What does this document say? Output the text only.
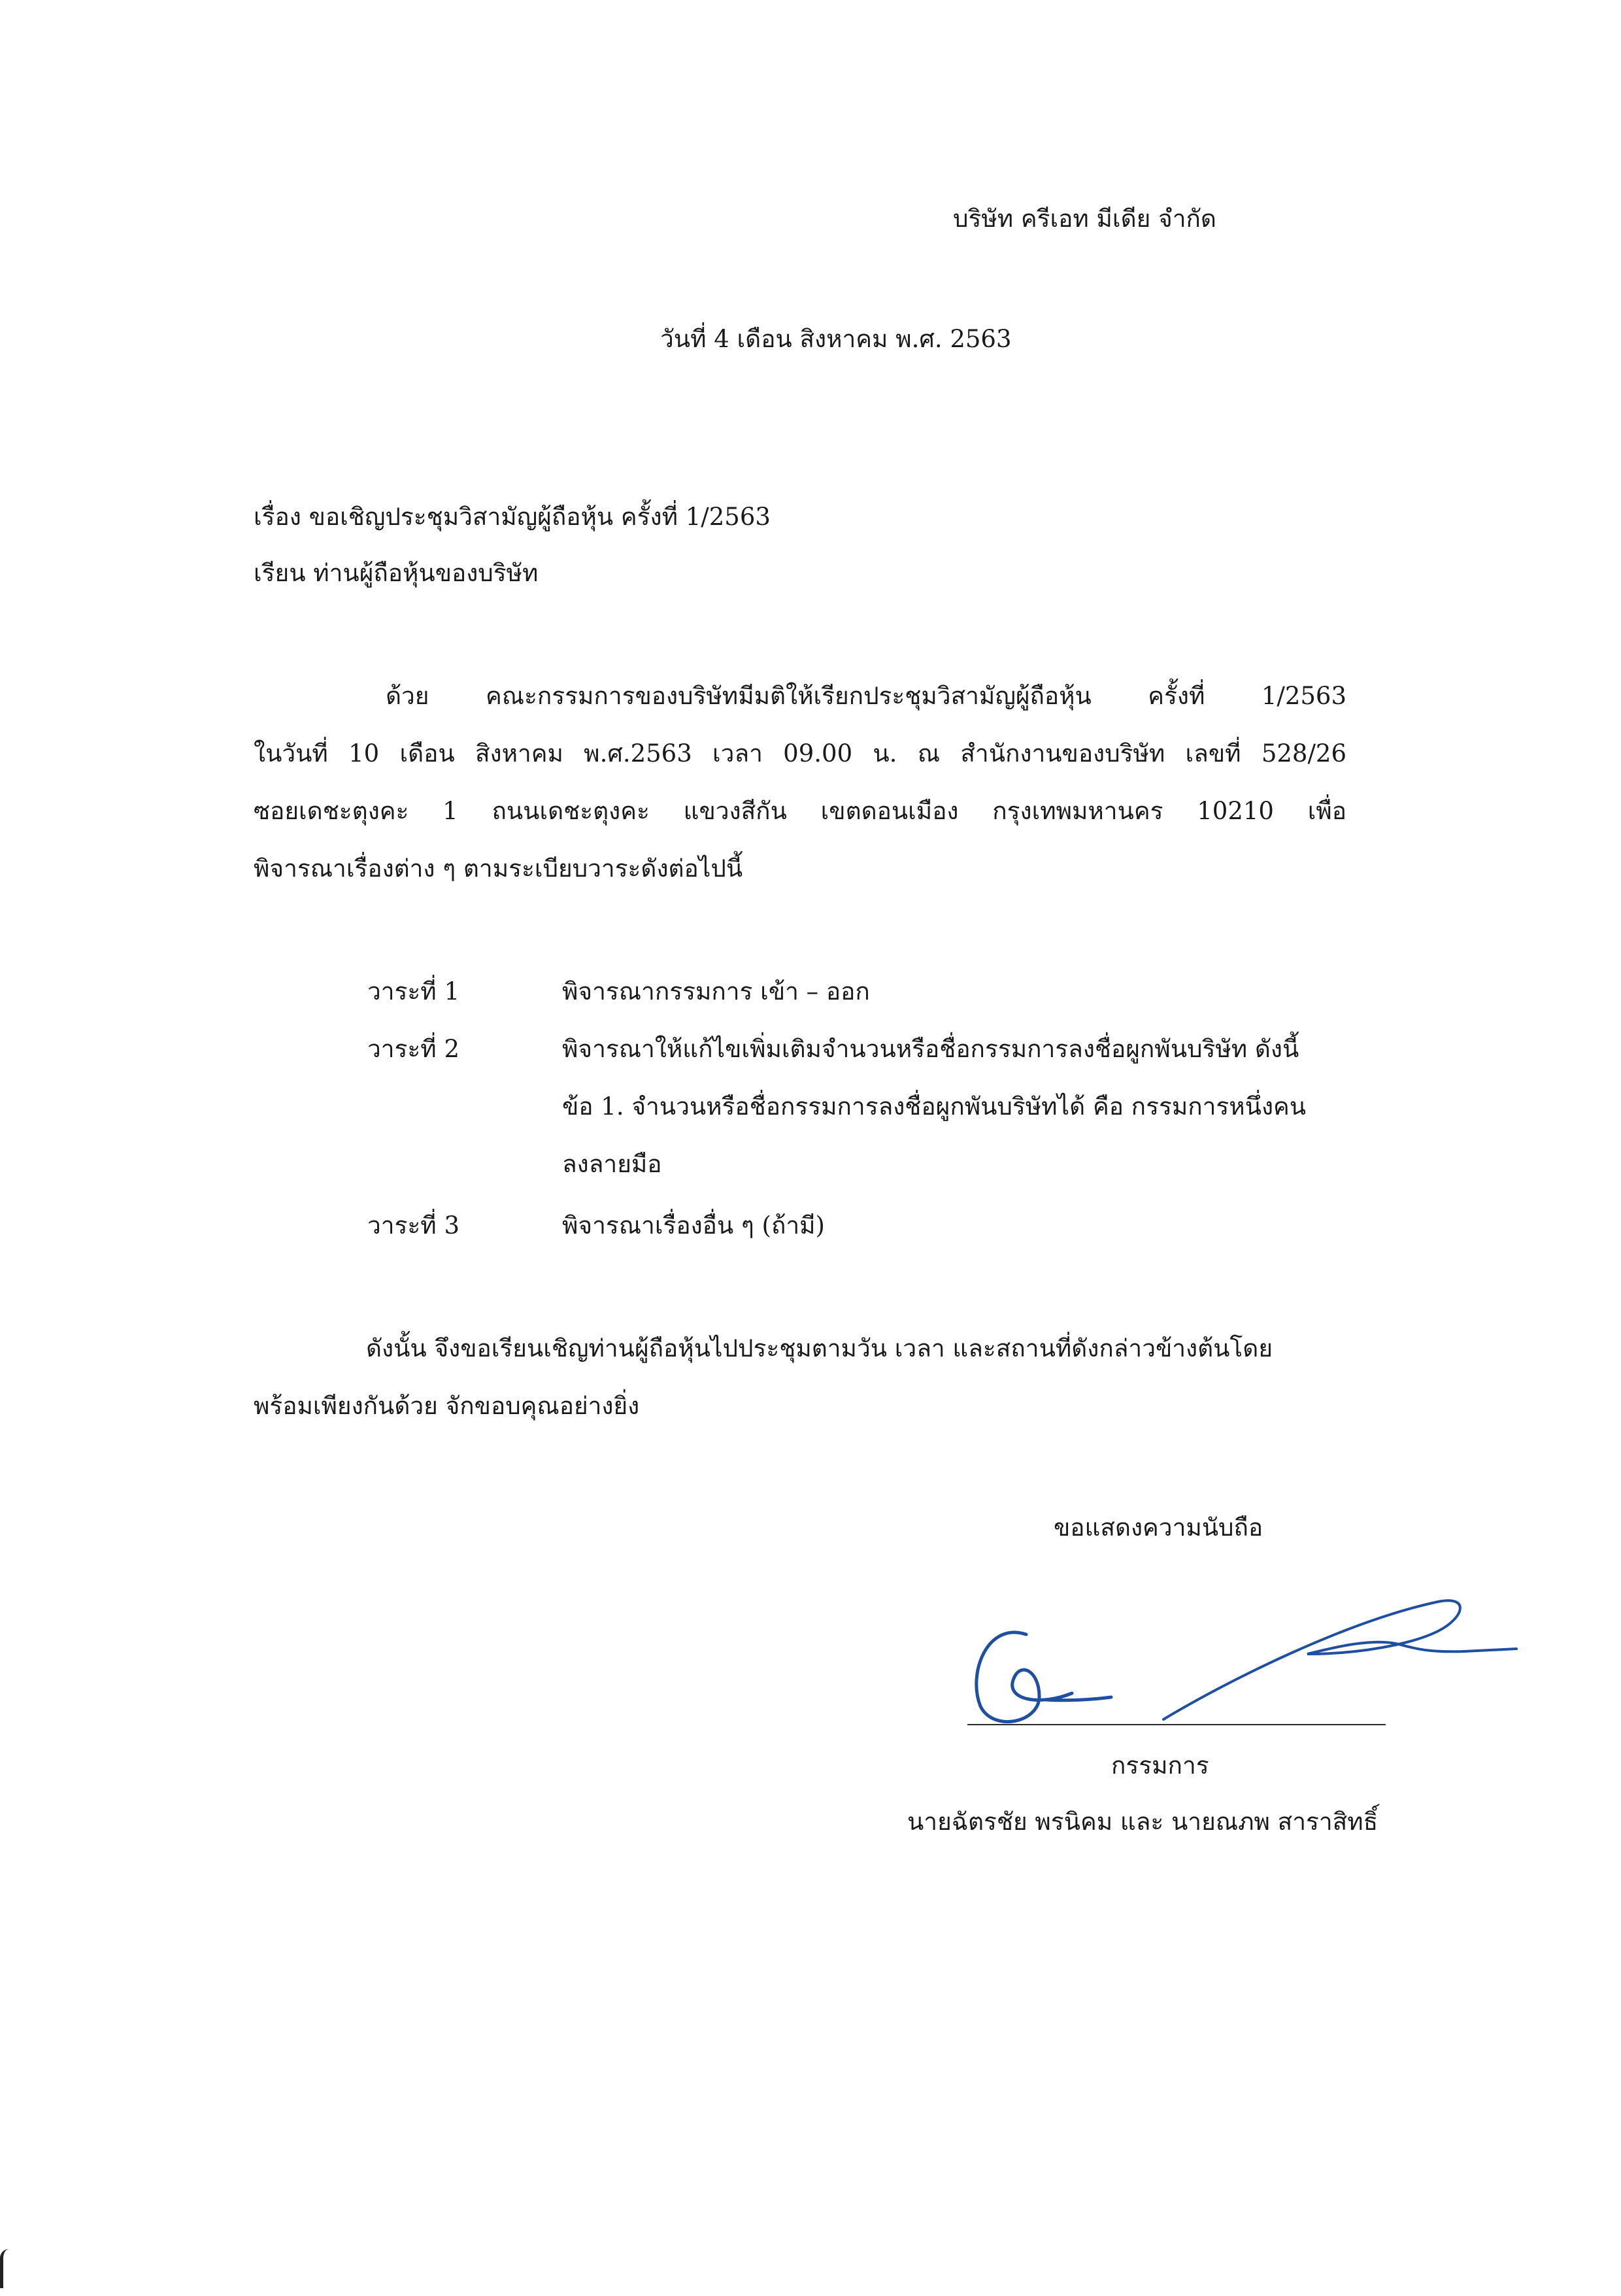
บริษัท ครีเอท มีเดีย จำกัด

วันที่ 4 เดือน สิงหาคม พ.ศ. 2563

เรื่อง ขอเชิญประชุมวิสามัญผู้ถือหุ้น ครั้งที่ 1/2563

เรียน ท่านผู้ถือหุ้นของบริษัท

ด้วย คณะกรรมการของบริษัทมีมติให้เรียกประชุมวิสามัญผู้ถือหุ้น ครั้งที่ 1/2563

ในวันที่ 10 เดือน สิงหาคม พ.ศ.2563 เวลา 09.00 น. ณ สำนักงานของบริษัท เลขที่ 528/26

ซอยเดชะตุงคะ 1 ถนนเดชะตุงคะ แขวงสีกัน เขตดอนเมือง กรุงเทพมหานคร 10210 เพื่อ

พิจารณาเรื่องต่าง ๆ ตามระเบียบวาระดังต่อไปนี้

วาระที่ 1	พิจารณากรรมการ เข้า – ออก

วาระที่ 2	พิจารณาให้แก้ไขเพิ่มเติมจำนวนหรือชื่อกรรมการลงชื่อผูกพันบริษัท ดังนี้

ข้อ 1. จำนวนหรือชื่อกรรมการลงชื่อผูกพันบริษัทได้ คือ กรรมการหนึ่งคน

ลงลายมือ

วาระที่ 3	พิจารณาเรื่องอื่น ๆ (ถ้ามี)

ดังนั้น จึงขอเรียนเชิญท่านผู้ถือหุ้นไปประชุมตามวัน เวลา และสถานที่ดังกล่าวข้างต้นโดย

พร้อมเพียงกันด้วย จักขอบคุณอย่างยิ่ง

ขอแสดงความนับถือ

กรรมการ

นายฉัตรชัย พรนิคม และ นายณภพ สาราสิทธิ์
